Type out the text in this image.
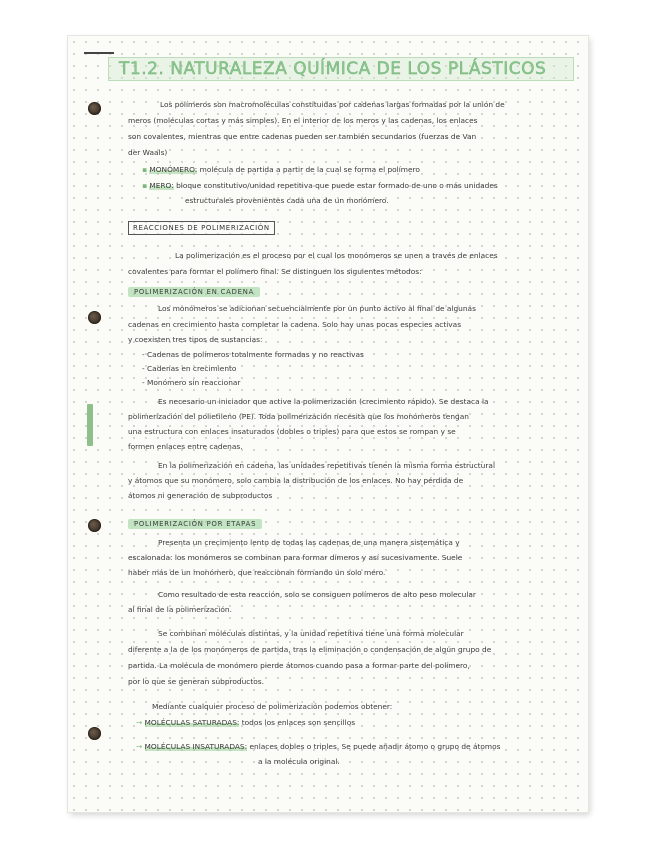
T1.2. NATURALEZA QUÍMICA DE LOS PLÁSTICOS
Los polímeros son macromoléculas constituidas por cadenas largas formadas por la unión de
meros (moléculas cortas y más simples). En el interior de los meros y las cadenas, los enlaces
son covalentes, mientras que entre cadenas pueden ser también secundarios (fuerzas de Van
der Waals)
▪ MONÓMERO: molécula de partida a partir de la cual se forma el polímero
▪ MERO: bloque constitutivo/unidad repetitiva que puede estar formado de uno o más unidades
estructurales provenientes cada una de un monómero.
REACCIONES DE POLIMERIZACIÓN
La polimerización es el proceso por el cual los monómeros se unen a través de enlaces
covalentes para formar el polímero final. Se distinguen los siguientes métodos:
POLIMERIZACIÓN EN CADENA
Los monómeros se adicionan secuencialmente por un punto activo al final de algunas
cadenas en crecimiento hasta completar la cadena. Solo hay unas pocas especies activas
y coexisten tres tipos de sustancias:
- Cadenas de polímeros totalmente formadas y no reactivas
- Cadenas en crecimiento
- Monómero sin reaccionar
Es necesario un iniciador que active la polimerización (crecimiento rápido). Se destaca la
polimerización del polietileno (PE). Toda polimerización necesita que los monómeros tengan
una estructura con enlaces insaturados (dobles o triples) para que estos se rompan y se
formen enlaces entre cadenas.
En la polimerización en cadena, las unidades repetitivas tienen la misma forma estructural
y átomos que su monómero, solo cambia la distribución de los enlaces. No hay pérdida de
átomos ni generación de subproductos
POLIMERIZACIÓN POR ETAPAS
Presenta un crecimiento lento de todas las cadenas de una manera sistemática y
escalonada: los monómeros se combinan para formar dímeros y así sucesivamente. Suele
haber más de un monómero, que reaccionan formando un solo mero.
Como resultado de esta reacción, solo se consiguen polímeros de alto peso molecular
al final de la polimerización.
Se combinan moléculas distintas, y la unidad repetitiva tiene una forma molecular
diferente a la de los monómeros de partida, tras la eliminación o condensación de algún grupo de
partida. La molécula de monómero pierde átomos cuando pasa a formar parte del polímero,
por lo que se generan subproductos.
Mediante cualquier proceso de polimerización podemos obtener:
→ MOLÉCULAS SATURADAS: todos los enlaces son sencillos
→ MOLÉCULAS INSATURADAS: enlaces dobles o triples. Se puede añadir átomo o grupo de átomos
a la molécula original.
